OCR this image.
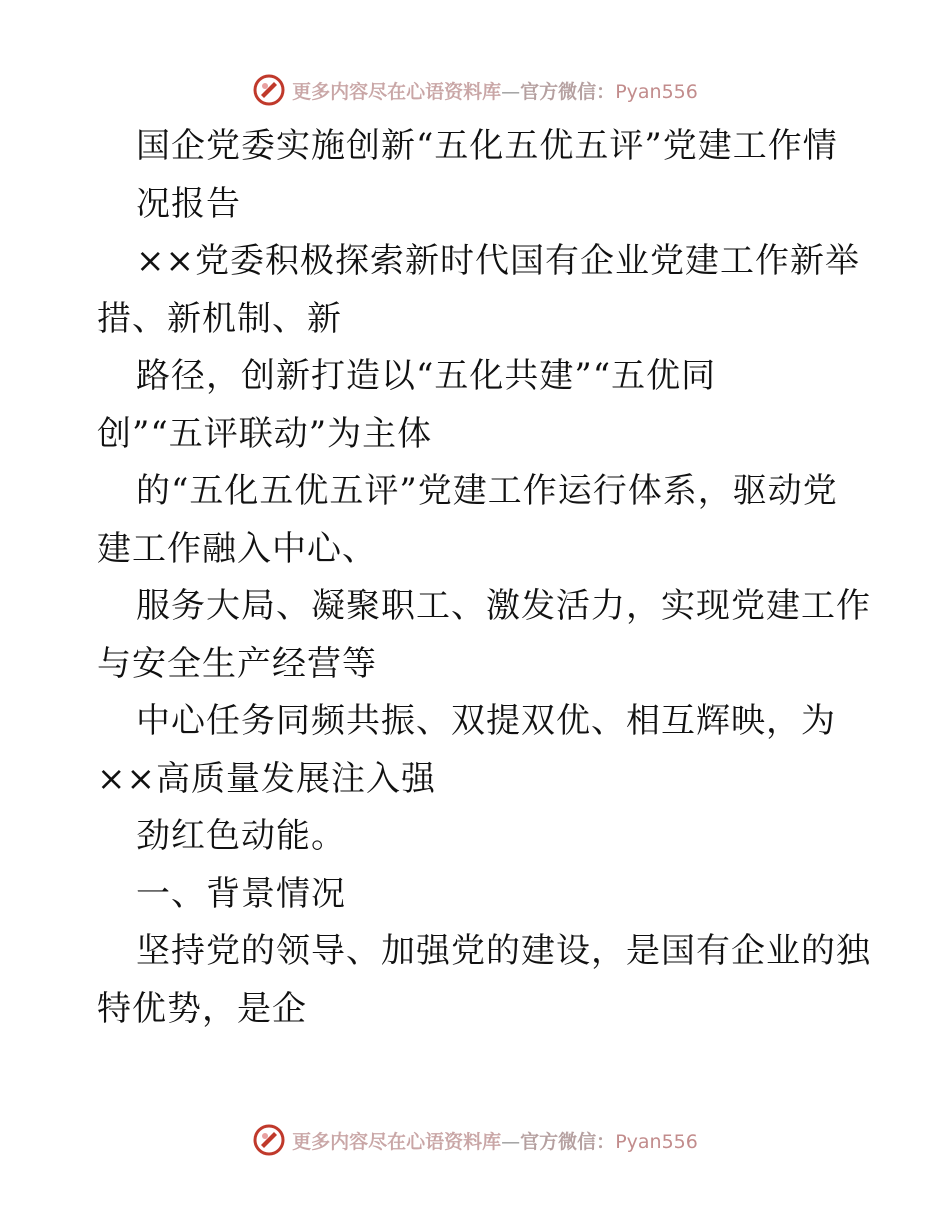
更多内容尽在心语资料库—官方微信：Pyan556
国企党委实施创新“五化五优五评”党建工作情
况报告
××党委积极探索新时代国有企业党建工作新举
措、新机制、新
路径，创新打造以“五化共建”“五优同
创”“五评联动”为主体
的“五化五优五评”党建工作运行体系，驱动党
建工作融入中心、
服务大局、凝聚职工、激发活力，实现党建工作
与安全生产经营等
中心任务同频共振、双提双优、相互辉映，为
××高质量发展注入强
劲红色动能。
一、背景情况
坚持党的领导、加强党的建设，是国有企业的独
特优势，是企
更多内容尽在心语资料库—官方微信：Pyan556
